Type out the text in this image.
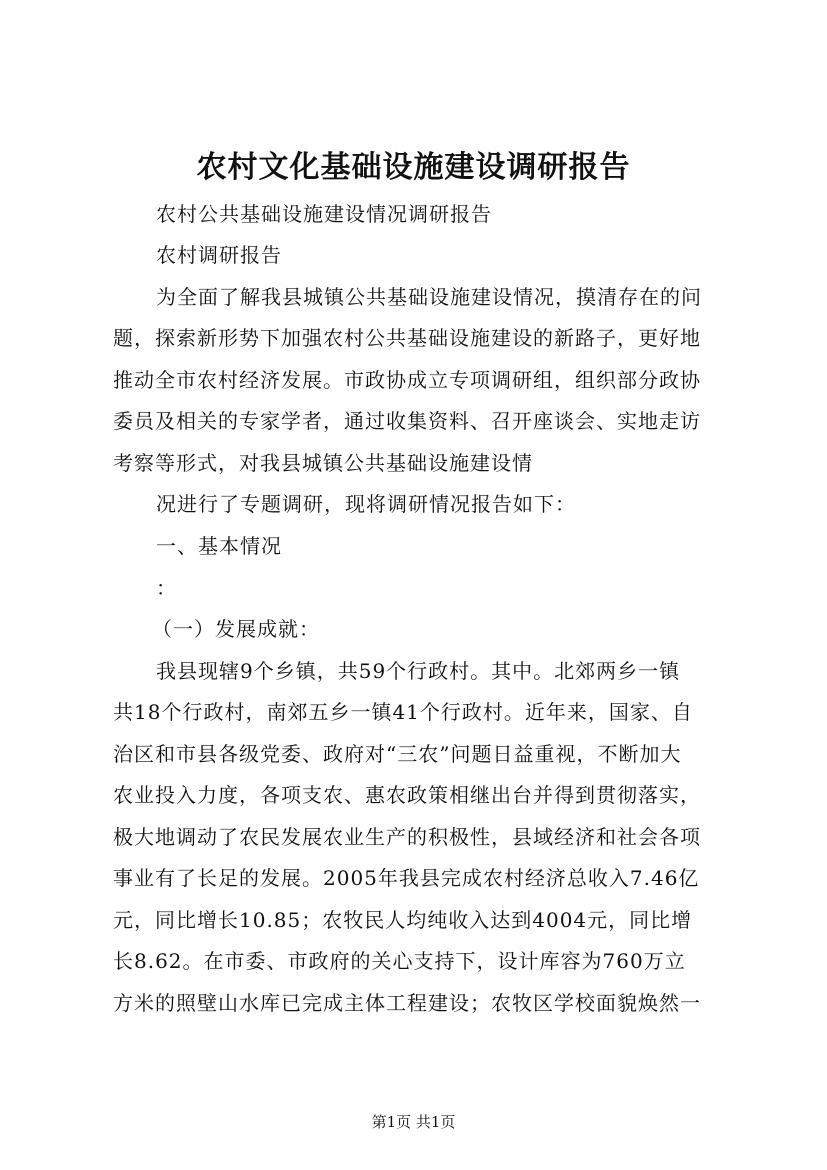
农村文化基础设施建设调研报告
农村公共基础设施建设情况调研报告
农村调研报告
为全面了解我县城镇公共基础设施建设情况，摸清存在的问
题，探索新形势下加强农村公共基础设施建设的新路子，更好地
推动全市农村经济发展。市政协成立专项调研组，组织部分政协
委员及相关的专家学者，通过收集资料、召开座谈会、实地走访
考察等形式，对我县城镇公共基础设施建设情
况进行了专题调研，现将调研情况报告如下：
一、基本情况
：
（一）发展成就：
我县现辖9个乡镇，共59个行政村。其中。北郊两乡一镇
共18个行政村，南郊五乡一镇41个行政村。近年来，国家、自
治区和市县各级党委、政府对“三农”问题日益重视，不断加大
农业投入力度，各项支农、惠农政策相继出台并得到贯彻落实，
极大地调动了农民发展农业生产的积极性，县域经济和社会各项
事业有了长足的发展。2005年我县完成农村经济总收入7.46亿
元，同比增长10.85；农牧民人均纯收入达到4004元，同比增
长8.62。在市委、市政府的关心支持下，设计库容为760万立
方米的照壁山水库已完成主体工程建设；农牧区学校面貌焕然一
第1页 共1页
